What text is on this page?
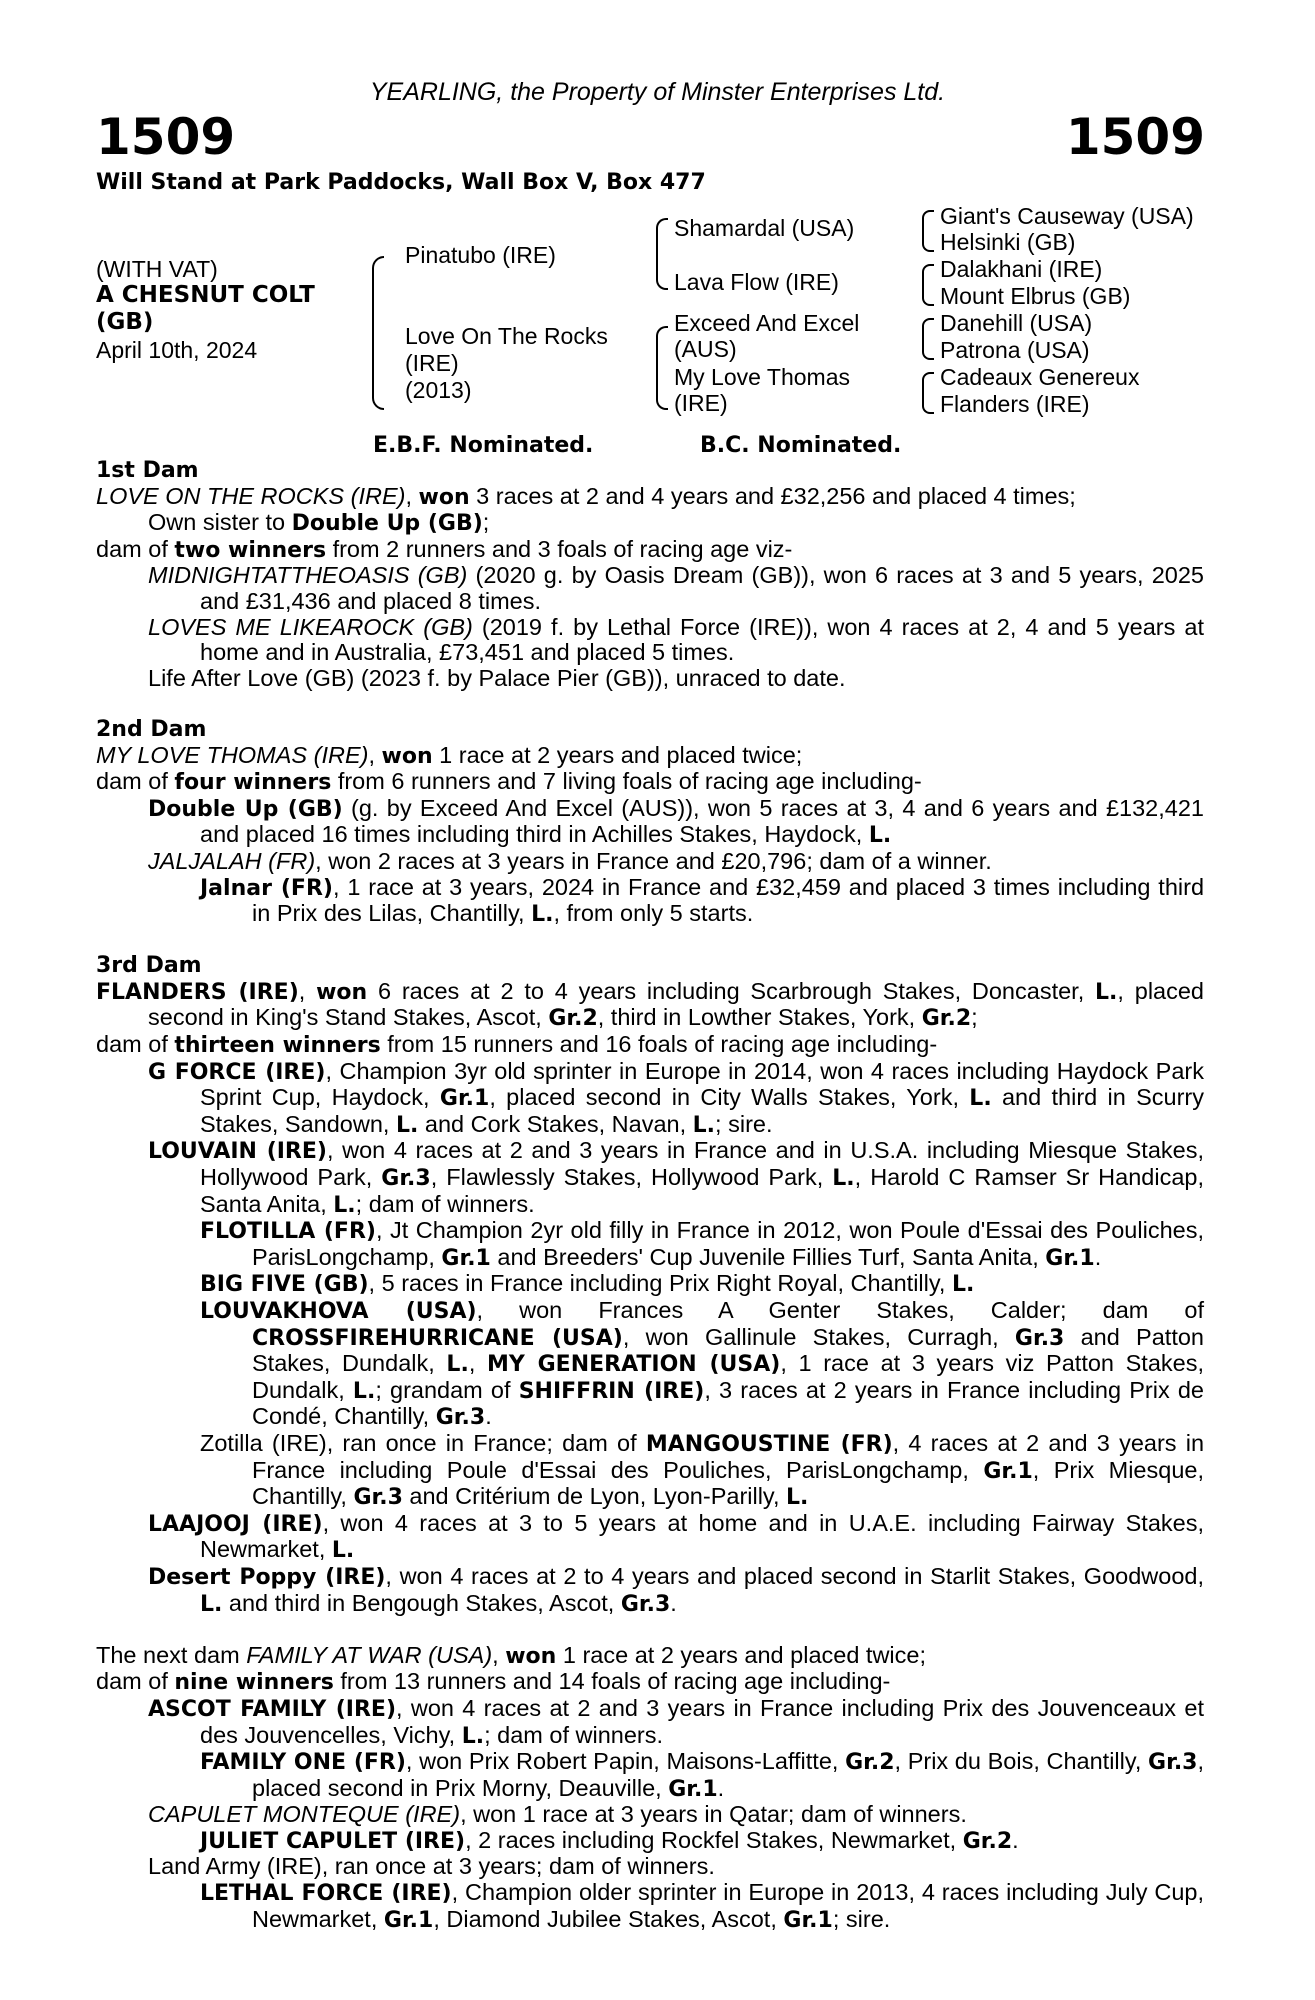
YEARLING, the Property of Minster Enterprises Ltd.
1509	1509
Will Stand at Park Paddocks, Wall Box V, Box 477
(WITH VAT)
A CHESNUT COLT
(GB)
April 10th, 2024
Pinatubo (IRE)
Love On The Rocks
(IRE)
(2013)
Shamardal (USA)
Lava Flow (IRE)
Exceed And Excel
(AUS)
My Love Thomas
(IRE)
Giant's Causeway (USA)
Helsinki (GB)
Dalakhani (IRE)
Mount Elbrus (GB)
Danehill (USA)
Patrona (USA)
Cadeaux Genereux
Flanders (IRE)
E.B.F. Nominated.	B.C. Nominated.
1st Dam
LOVE ON THE ROCKS (IRE), won 3 races at 2 and 4 years and £32,256 and placed 4 times;
Own sister to Double Up (GB);
dam of two winners from 2 runners and 3 foals of racing age viz-
MIDNIGHTATTHEOASIS (GB) (2020 g. by Oasis Dream (GB)), won 6 races at 3 and 5 years, 2025 and £31,436 and placed 8 times.
LOVES ME LIKEAROCK (GB) (2019 f. by Lethal Force (IRE)), won 4 races at 2, 4 and 5 years at home and in Australia, £73,451 and placed 5 times.
Life After Love (GB) (2023 f. by Palace Pier (GB)), unraced to date.
2nd Dam
MY LOVE THOMAS (IRE), won 1 race at 2 years and placed twice;
dam of four winners from 6 runners and 7 living foals of racing age including-
Double Up (GB) (g. by Exceed And Excel (AUS)), won 5 races at 3, 4 and 6 years and £132,421 and placed 16 times including third in Achilles Stakes, Haydock, L.
JALJALAH (FR), won 2 races at 3 years in France and £20,796; dam of a winner.
Jalnar (FR), 1 race at 3 years, 2024 in France and £32,459 and placed 3 times including third in Prix des Lilas, Chantilly, L., from only 5 starts.
3rd Dam
FLANDERS (IRE), won 6 races at 2 to 4 years including Scarbrough Stakes, Doncaster, L., placed second in King's Stand Stakes, Ascot, Gr.2, third in Lowther Stakes, York, Gr.2;
dam of thirteen winners from 15 runners and 16 foals of racing age including-
G FORCE (IRE), Champion 3yr old sprinter in Europe in 2014, won 4 races including Haydock Park Sprint Cup, Haydock, Gr.1, placed second in City Walls Stakes, York, L. and third in Scurry Stakes, Sandown, L. and Cork Stakes, Navan, L.; sire.
LOUVAIN (IRE), won 4 races at 2 and 3 years in France and in U.S.A. including Miesque Stakes, Hollywood Park, Gr.3, Flawlessly Stakes, Hollywood Park, L., Harold C Ramser Sr Handicap, Santa Anita, L.; dam of winners.
FLOTILLA (FR), Jt Champion 2yr old filly in France in 2012, won Poule d'Essai des Pouliches, ParisLongchamp, Gr.1 and Breeders' Cup Juvenile Fillies Turf, Santa Anita, Gr.1.
BIG FIVE (GB), 5 races in France including Prix Right Royal, Chantilly, L.
LOUVAKHOVA (USA), won Frances A Genter Stakes, Calder; dam of CROSSFIREHURRICANE (USA), won Gallinule Stakes, Curragh, Gr.3 and Patton Stakes, Dundalk, L., MY GENERATION (USA), 1 race at 3 years viz Patton Stakes, Dundalk, L.; grandam of SHIFFRIN (IRE), 3 races at 2 years in France including Prix de Condé, Chantilly, Gr.3.
Zotilla (IRE), ran once in France; dam of MANGOUSTINE (FR), 4 races at 2 and 3 years in France including Poule d'Essai des Pouliches, ParisLongchamp, Gr.1, Prix Miesque, Chantilly, Gr.3 and Critérium de Lyon, Lyon-Parilly, L.
LAAJOOJ (IRE), won 4 races at 3 to 5 years at home and in U.A.E. including Fairway Stakes, Newmarket, L.
Desert Poppy (IRE), won 4 races at 2 to 4 years and placed second in Starlit Stakes, Goodwood, L. and third in Bengough Stakes, Ascot, Gr.3.
The next dam FAMILY AT WAR (USA), won 1 race at 2 years and placed twice;
dam of nine winners from 13 runners and 14 foals of racing age including-
ASCOT FAMILY (IRE), won 4 races at 2 and 3 years in France including Prix des Jouvenceaux et des Jouvencelles, Vichy, L.; dam of winners.
FAMILY ONE (FR), won Prix Robert Papin, Maisons-Laffitte, Gr.2, Prix du Bois, Chantilly, Gr.3, placed second in Prix Morny, Deauville, Gr.1.
CAPULET MONTEQUE (IRE), won 1 race at 3 years in Qatar; dam of winners.
JULIET CAPULET (IRE), 2 races including Rockfel Stakes, Newmarket, Gr.2.
Land Army (IRE), ran once at 3 years; dam of winners.
LETHAL FORCE (IRE), Champion older sprinter in Europe in 2013, 4 races including July Cup, Newmarket, Gr.1, Diamond Jubilee Stakes, Ascot, Gr.1; sire.
